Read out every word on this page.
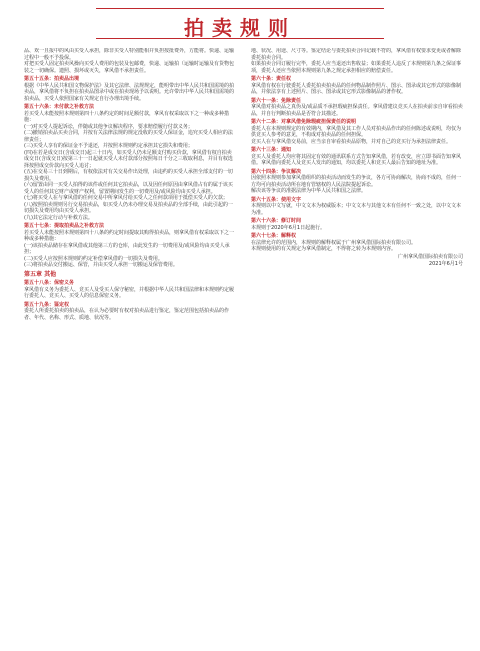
拍卖规则

品、欢一且报中的风由买受人承担，除非买受人特别能相并负担按批费外，方能将。快递、运输过程中一般不予投保。

对把买受人固定拍卖风操向买受人费用的包装及包邮费，快递、运输拍（运输时运输及有货物包装之一切确保。遗照、损坏或灭失，拿风借不承担责任。

第五十五条：拍卖品出境

根据《中华人民共和国文物保护法》及其它法律、法规规定，能明带出中华人民共和国需境的拍卖品，拿风借将不负担在拍卖品图录中或在拍卖现场予以说明。允许带出中华人民共和国需境的拍卖品，买受人依照国家有关规定自行办理出境手续。

第五十六条：未付款之补救方法

若买受人未能按照本规则第四十八条约定的时间足额付款，拿风有权采取以下之一种或多种措施：

(一)对买受人提起诉讼，伴随或其他争议解决程序，要求赔偿履行付款义务；

(二)撤销拍卖品买卖合同，并按有关法律法规的规定没收的买受人保证金，追究买受人相应的法律责任；

(三)买受人享有的保证金不予退还，并按照本规则约定承担其它损失和费用；

(四)在若是成交日(含成交日)起三十日内，如买受人仍未足额支付购买价款，拿风借有权自拍卖成交日(含成交日)按第三十一日起就买受人未付款部分按照每日千分之三收取利息，并目有权选择按照成交价款向买受人追讨；

(五)在交易三十日到期后，有权依法对有关交易作出处理，由违约的买受人承担全部支付的一切损失及费用。

(六)留置由同一买受人拍得的该件或任何其它拍卖品，以及因任何原因由拿风借占有的属于该买受人的任何其它财产或财产权利，留置期间发生的一切费用及/或风险均由买受人承担。

(七)将买受人在与拿风借的任何交易中所拿风付给买受人之任何款项用于抵偿买受人的欠款；

(八)按照拍卖规则另行交易拍卖品，如买受人仍未办理交易及拍卖品的全部手续，由此引起的一切损失及费用均由买受人承担。

(九)其它法定行动与补救方法。

第五十七条：提取拍卖品之补救方法

若买受人未能按照本规则第四十八条的约定时间提取其购得拍卖品，则拿风借有权采取以下之一种或多种措施：

(一)该拍卖品储存在拿风借或其他第三方的仓库，由此发生的一切费用及/或风险均由买受人承担；

(二)买受人应按照本规则的约定补偿拿风借的一切损失及费用。

(三)将拍卖品交付搬运、保管，并由买受人承担一切搬运及保管费用。

第五章 其他
第五十八条：保密义务

拿风借有义务为委托人、竞买人及受买人保守秘密，并根据中华人民共和国法律和本规则约定履行委托人、竞买人、买受人的信息保密义务。

第五十九条：鉴定权

委托人所委托拍卖的拍卖品，在认为必要时有权对拍卖品进行鉴定，鉴定范围包括拍卖品的作者、年代、名称、形式、质地、状况等。

地、状况、用途、尺寸等。鉴定结论与委托拍卖合同记载不符的，拿风借有权要求变更或者解除委托拍卖合同。

如果拍卖合同订履行完毕，委托人应当退还出售收益；如果委托人违反了本规则第九条之保证事项，委托人还应当依照本规则第九条之规定承担相应的赔偿责任。

第六十条：责任权

拿风借有权在行驶委托人委托拍卖拍卖品的任何物品制作照片、图示、图录或其它形式的影像制品，并依法享有上述照片、图示、图录或其它形式影像制品的著作权。

第六十一条：免除责任

拿风借对拍卖品之真伪及/或品质不承担瑕疵担保责任。拿风借建议竞买人在拍卖前亲自审看拍卖品，并自行判断拍卖品是否符合其描述。

第六十二条：对拿风借免除瑕疵担保责任的说明

委托人在本规则规定的有效期内，拿风借及其工作人员对拍卖品作出的任何陈述或说明，均仅为供竞买人参考的意见，不构成对拍卖品的任何担保。

竞买人在与拿风借交易前，应当亲自审看拍卖品原物，并对自己的竞买行为承担法律责任。

第六十三条：通知

竞买人及委托人均应将其固定有效的通讯联系方式告知拿风借，若有改变，应立即书面告知拿风借。拿风借向委托人及竞买人发出的通知，均以委托人和竞买人最后告知的地址为准。

第六十四条：争议解决

因依照本规则参加拿风借组织的拍卖活动而发生的争议，各方可协商解决，协商不成的，任何一方均可向拍卖活动所在地有管辖权的人民法院提起诉讼。

解决该等争议的准据法律为中华人民共和国之法律。

第六十五条：使用文字

本规则以中文写就，中文文本为权威版本；中文文本与其他文本有任何不一致之处，以中文文本为准。

第六十六条：修订时间

本规则于2020年6月1日起施行。

第六十七条：解释权

在法律允许的范围内，本规则的解释权属于广州拿风借国际拍卖有限公司。

本规则使用的有关规定为拿风借制定，不得将之转为本规则内容。

广州拿风借国际拍卖有限公司

2021年6月1号
